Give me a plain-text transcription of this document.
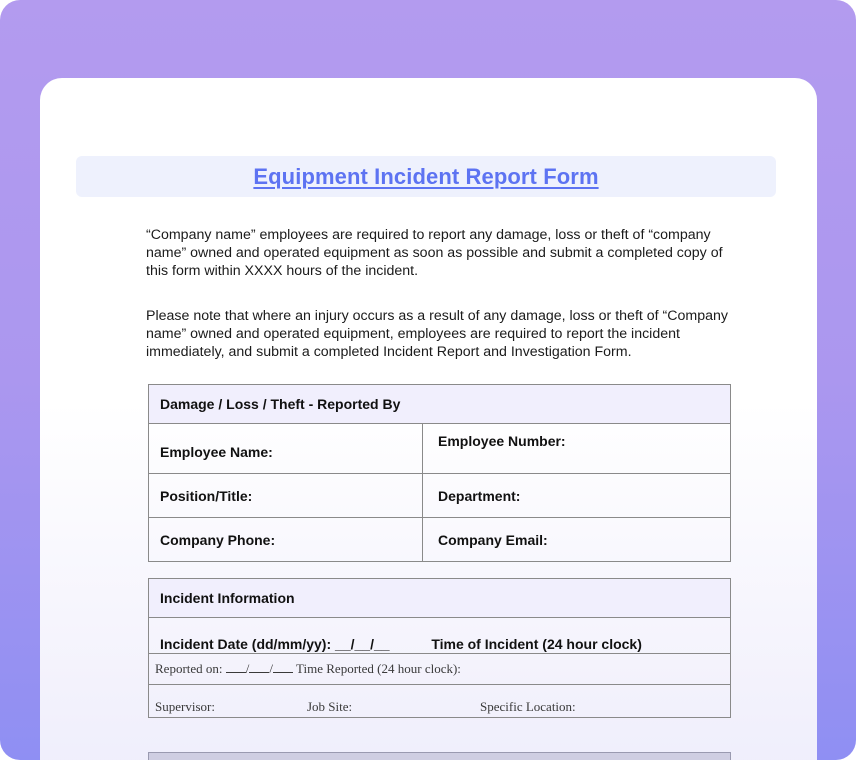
Equipment Incident Report Form
“Company name” employees are required to report any damage, loss or theft of “company name” owned and operated equipment as soon as possible and submit a completed copy of this form within XXXX hours of the incident.
Please note that where an injury occurs as a result of any damage, loss or theft of “Company name” owned and operated equipment, employees are required to report the incident immediately, and submit a completed Incident Report and Investigation Form.
Damage / Loss / Theft - Reported By	
Employee Name:	Employee Number:
Position/Title:	Department:
Company Phone:	Company Email:
Incident Information
Incident Date (dd/mm/yy): __/__/__	Time of Incident (24 hour clock)
Reported on: / / Time Reported (24 hour clock):
Supervisor:	Job Site:	Specific Location:
